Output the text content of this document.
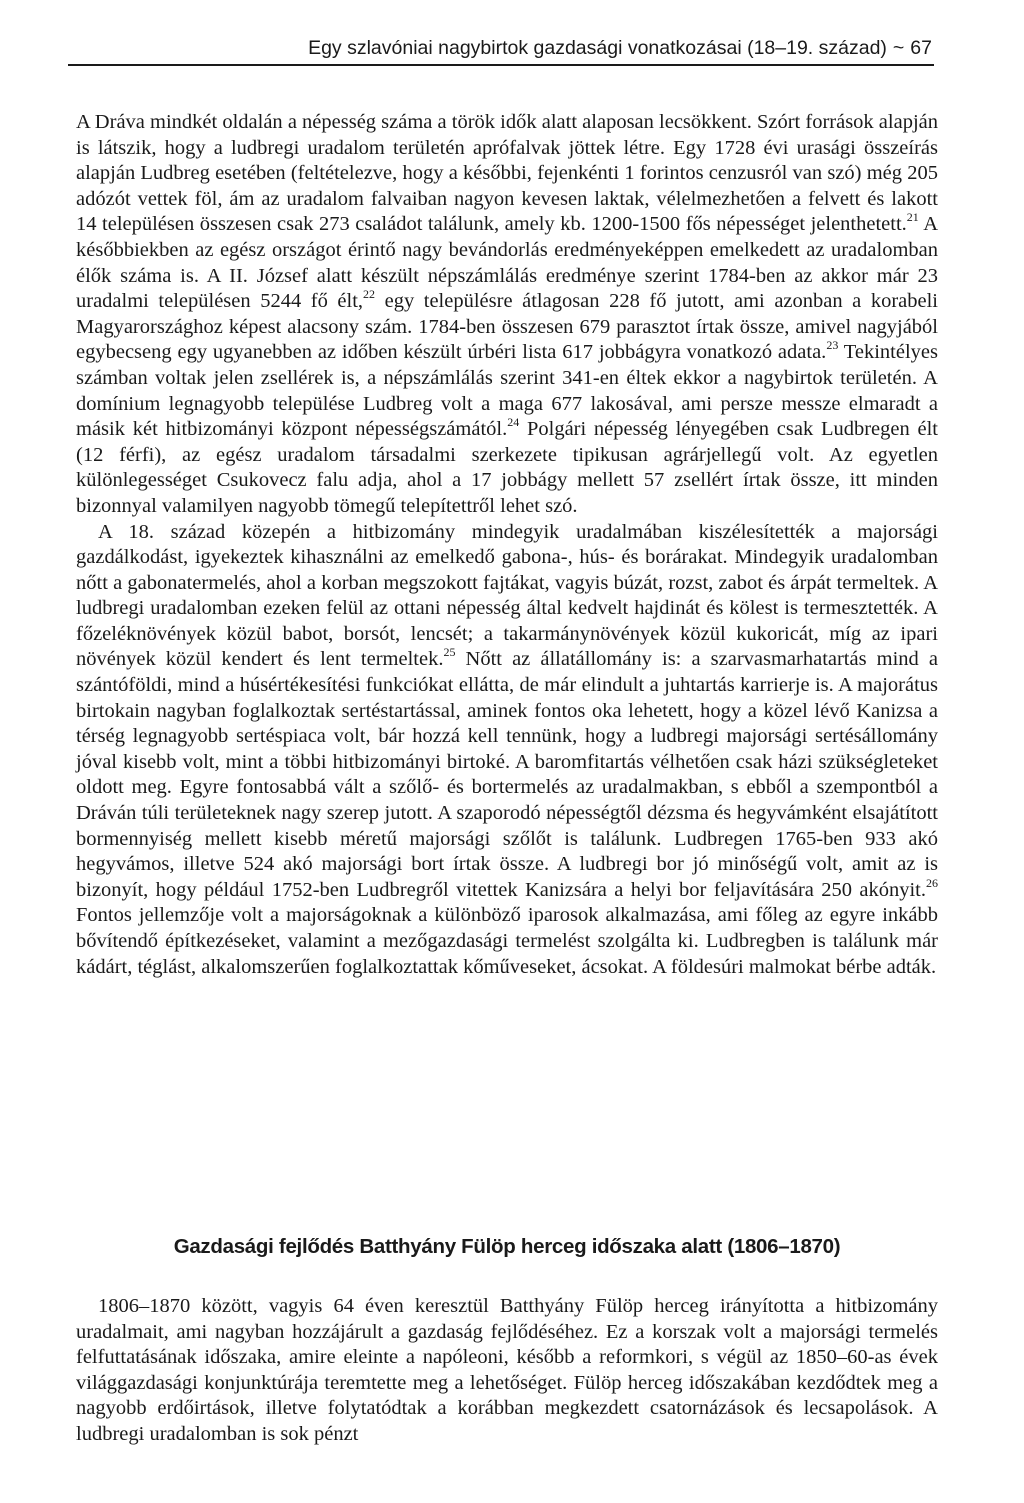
Egy szlavóniai nagybirtok gazdasági vonatkozásai (18–19. század) ~ 67

A Dráva mindkét oldalán a népesség száma a török idők alatt alaposan lecsökkent. Szórt források alapján is látszik, hogy a ludbregi uradalom területén aprófalvak jöttek létre. Egy 1728 évi urasági összeírás alapján Ludbreg esetében (feltételezve, hogy a későbbi, fejenkénti 1 forintos cenzusról van szó) még 205 adózót vettek föl, ám az uradalom falvaiban nagyon kevesen laktak, vélelmezhetően a felvett és lakott 14 településen összesen csak 273 családot találunk, amely kb. 1200-1500 fős népességet jelenthetett.$^{21}$ A későbbiekben az egész országot érintő nagy bevándorlás eredményeképpen emelkedett az uradalomban élők száma is. A II. József alatt készült népszámlálás eredménye szerint 1784-ben az akkor már 23 uradalmi településen 5244 fő élt,$^{22}$ egy településre átlagosan 228 fő jutott, ami azonban a korabeli Magyarországhoz képest alacsony szám. 1784-ben összesen 679 parasztot írtak össze, amivel nagyjából egybecseng egy ugyanebben az időben készült úrbéri lista 617 jobbágyra vonatkozó adata.$^{23}$ Tekintélyes számban voltak jelen zsellérek is, a népszámlálás szerint 341-en éltek ekkor a nagybirtok területén. A domínium legnagyobb települése Ludbreg volt a maga 677 lakosával, ami persze messze elmaradt a másik két hitbizományi központ népességszámától.$^{24}$ Polgári népesség lényegében csak Ludbregen élt (12 férfi), az egész uradalom társadalmi szerkezete tipikusan agrárjellegű volt. Az egyetlen különlegességet Csukovecz falu adja, ahol a 17 jobbágy mellett 57 zsellért írtak össze, itt minden bizonnyal valamilyen nagyobb tömegű telepítettről lehet szó.

A 18. század közepén a hitbizomány mindegyik uradalmában kiszélesítették a majorsági gazdálkodást, igyekeztek kihasználni az emelkedő gabona-, hús- és borárakat. Mindegyik uradalomban nőtt a gabonatermelés, ahol a korban megszokott fajtákat, vagyis búzát, rozst, zabot és árpát termeltek. A ludbregi uradalomban ezeken felül az ottani népesség által kedvelt hajdinát és kölest is termesztették. A főzeléknövények közül babot, borsót, lencsét; a takarmánynövények közül kukoricát, míg az ipari növények közül kendert és lent termeltek.$^{25}$ Nőtt az állatállomány is: a szarvasmarhatartás mind a szántóföldi, mind a húsértékesítési funkciókat ellátta, de már elindult a juhtartás karrierje is. A majorátus birtokain nagyban foglalkoztak sertéstartással, aminek fontos oka lehetett, hogy a közel lévő Kanizsa a térség legnagyobb sertéspiaca volt, bár hozzá kell tennünk, hogy a ludbregi majorsági sertésállomány jóval kisebb volt, mint a többi hitbizományi birtoké. A baromfitartás vélhetően csak házi szükségleteket oldott meg. Egyre fontosabbá vált a szőlő- és bortermelés az uradalmakban, s ebből a szempontból a Dráván túli területeknek nagy szerep jutott. A szaporodó népességtől dézsma és hegyvámként elsajátított bormennyiség mellett kisebb méretű majorsági szőlőt is találunk. Ludbregen 1765-ben 933 akó hegyvámos, illetve 524 akó majorsági bort írtak össze. A ludbregi bor jó minőségű volt, amit az is bizonyít, hogy például 1752-ben Ludbregről vitettek Kanizsára a helyi bor feljavítására 250 akónyit.$^{26}$ Fontos jellemzője volt a majorságoknak a különböző iparosok alkalmazása, ami főleg az egyre inkább bővítendő építkezéseket, valamint a mezőgazdasági termelést szolgálta ki. Ludbregben is találunk már kádárt, téglást, alkalomszerűen foglalkoztattak kőműveseket, ácsokat. A földesúri malmokat bérbe adták.

Gazdasági fejlődés Batthyány Fülöp herceg időszaka alatt (1806–1870)

1806–1870 között, vagyis 64 éven keresztül Batthyány Fülöp herceg irányította a hitbizomány uradalmait, ami nagyban hozzájárult a gazdaság fejlődéséhez. Ez a korszak volt a majorsági termelés felfuttatásának időszaka, amire eleinte a napóleoni, később a reformkori, s végül az 1850–60-as évek világgazdasági konjunktúrája teremtette meg a lehetőséget. Fülöp herceg időszakában kezdődtek meg a nagyobb erdőirtások, illetve folytatódtak a korábban megkezdett csatornázások és lecsapolások. A ludbregi uradalomban is sok pénzt
